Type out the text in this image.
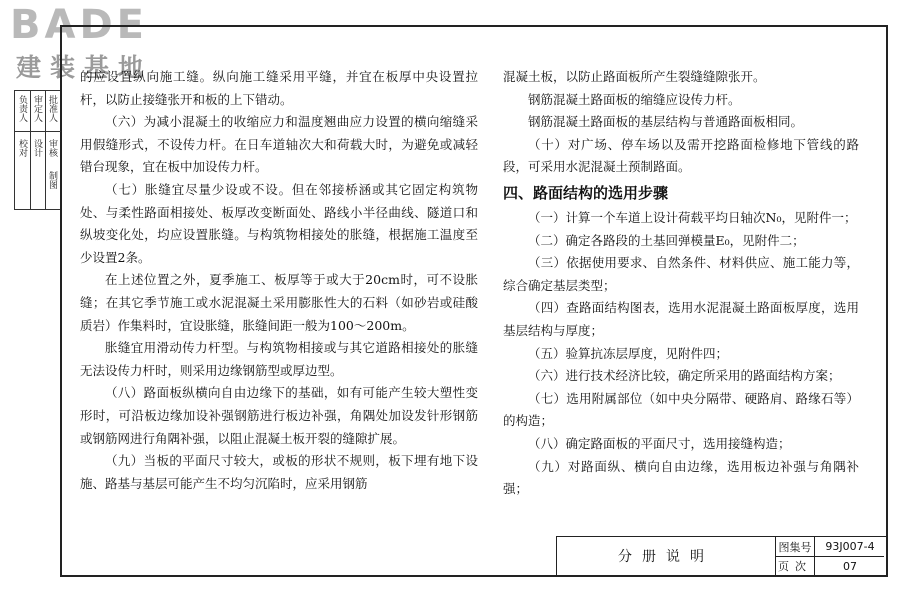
BADE
建装基地
负责人 审定人 批准人
校对 设计 审核
制图

的应设置纵向施工缝。纵向施工缝采用平缝，并宜在板厚中央设置拉杆，以防止接缝张开和板的上下错动。

（六）为减小混凝土的收缩应力和温度翘曲应力设置的横向缩缝采用假缝形式，不设传力杆。在日车道轴次大和荷载大时，为避免或减轻错台现象，宜在板中加设传力杆。

（七）胀缝宜尽量少设或不设。但在邻接桥涵或其它固定构筑物处、与柔性路面相接处、板厚改变断面处、路线小半径曲线、隧道口和纵坡变化处，均应设置胀缝。与构筑物相接处的胀缝，根据施工温度至少设置2条。

在上述位置之外，夏季施工、板厚等于或大于20cm时，可不设胀缝；在其它季节施工或水泥混凝土采用膨胀性大的石料（如砂岩或硅酸质岩）作集料时，宜设胀缝，胀缝间距一般为100～200m。

胀缝宜用滑动传力杆型。与构筑物相接或与其它道路相接处的胀缝无法设传力杆时，则采用边缘钢筋型或厚边型。

（八）路面板纵横向自由边缘下的基础，如有可能产生较大塑性变形时，可沿板边缘加设补强钢筋进行板边补强，角隅处加设发针形钢筋或钢筋网进行角隅补强，以阻止混凝土板开裂的缝隙扩展。

（九）当板的平面尺寸较大，或板的形状不规则，板下埋有地下设施、路基与基层可能产生不均匀沉陷时，应采用钢筋

混凝土板，以防止路面板所产生裂缝缝隙张开。

钢筋混凝土路面板的缩缝应设传力杆。

钢筋混凝土路面板的基层结构与普通路面板相同。

（十）对广场、停车场以及需开挖路面检修地下管线的路段，可采用水泥混凝土预制路面。

四、路面结构的选用步骤

（一）计算一个车道上设计荷载平均日轴次N₀，见附件一；

（二）确定各路段的土基回弹模量E₀，见附件二；

（三）依据使用要求、自然条件、材料供应、施工能力等，综合确定基层类型；

（四）查路面结构图表，选用水泥混凝土路面板厚度，选用基层结构与厚度；

（五）验算抗冻层厚度，见附件四；

（六）进行技术经济比较，确定所采用的路面结构方案；

（七）选用附属部位（如中央分隔带、硬路肩、路缘石等）的构造；

（八）确定路面板的平面尺寸，选用接缝构造；

（九）对路面纵、横向自由边缘，选用板边补强与角隅补强；

分册说明
图集号	93J007-4
页次	07
